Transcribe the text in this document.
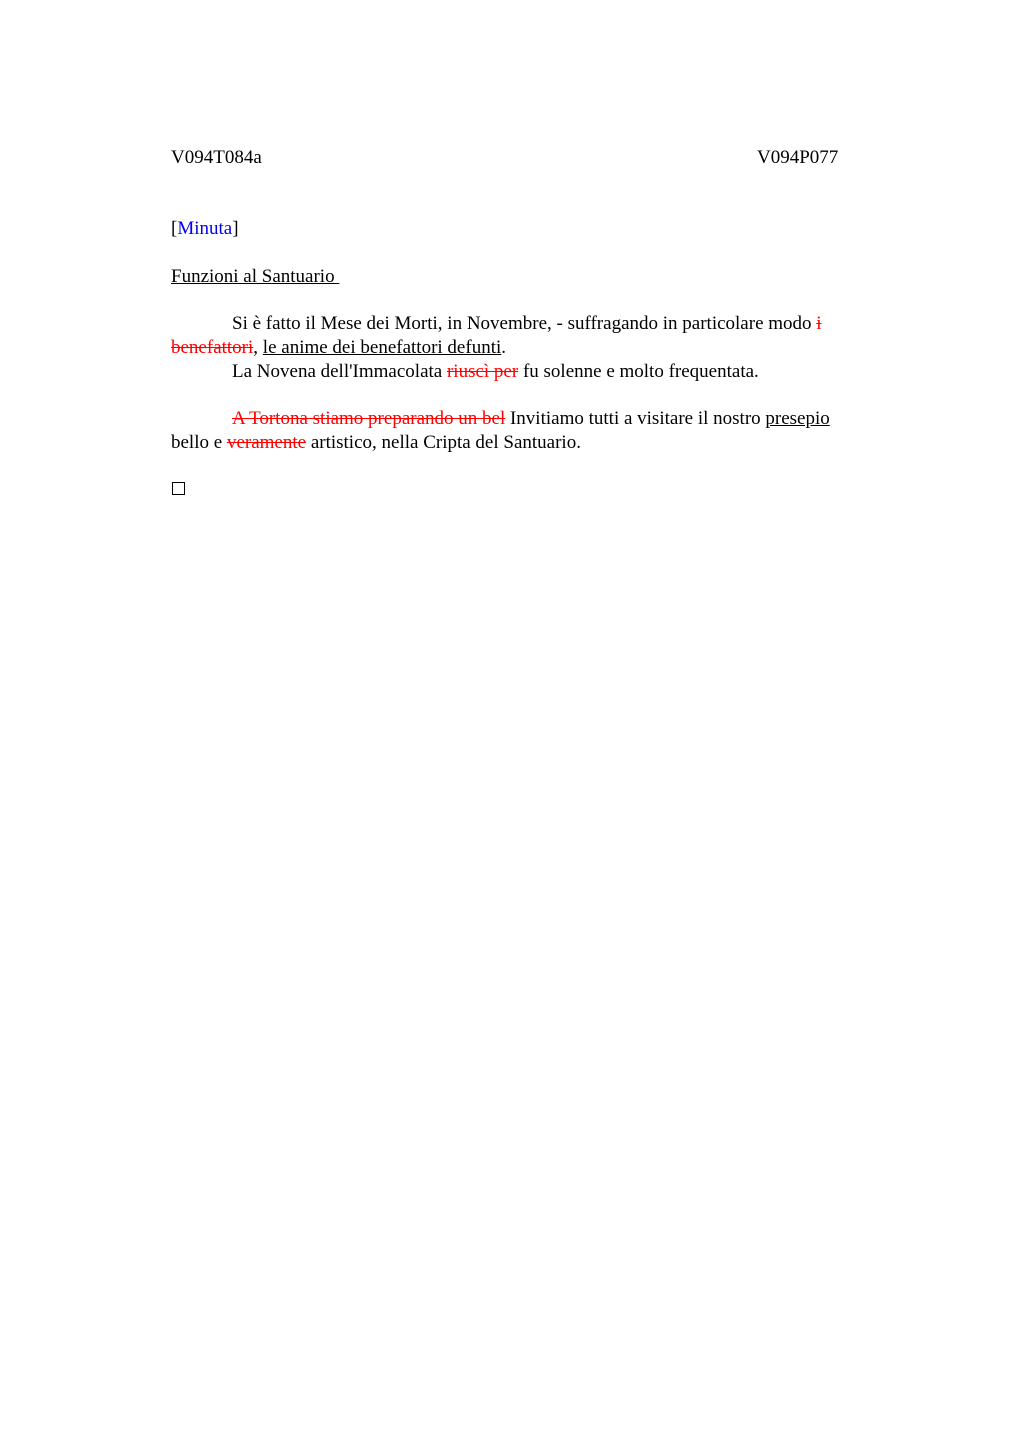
V094T084a	V094P077
[Minuta]
Funzioni al Santuario
Si è fatto il Mese dei Morti, in Novembre, - suffragando in particolare modo i benefattori, le anime dei benefattori defunti.
La Novena dell'Immacolata riuscì per fu solenne e molto frequentata.
A Tortona stiamo preparando un bel Invitiamo tutti a visitare il nostro presepio
bello e veramente artistico, nella Cripta del Santuario.
